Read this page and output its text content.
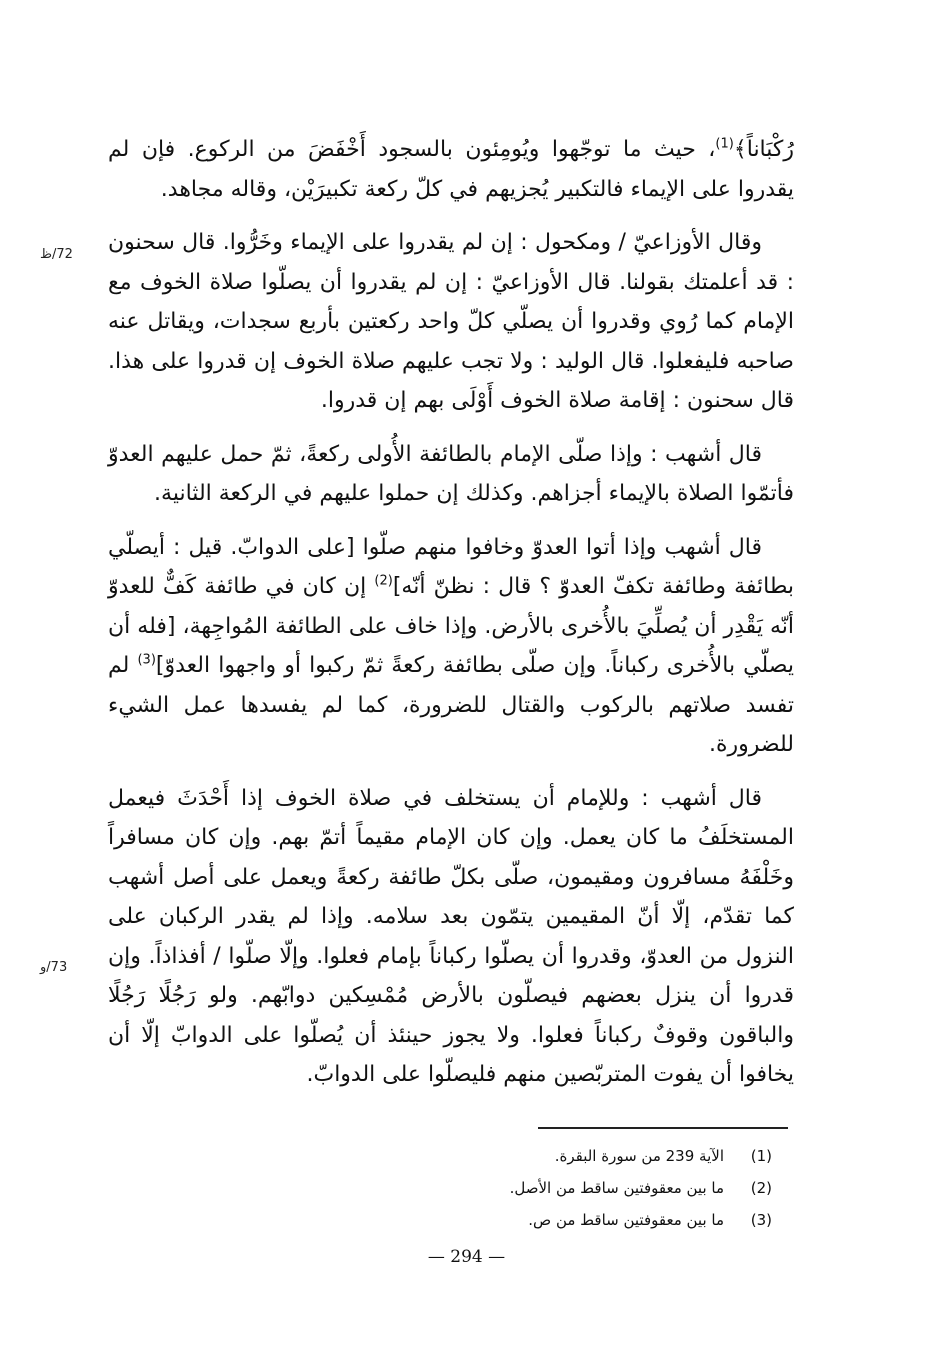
رُكْبَاناً﴾$^{(1)}$، حيث ما توجّهوا ويُومِئون بالسجود أَخْفَضَ من الركوع. فإن لم يقدروا على الإيماء فالتكبير يُجزيهم في كلّ ركعة تكبيرَيْن، وقاله مجاهد.

وقال الأوزاعيّ / ومكحول : إن لم يقدروا على الإيماء وخَرُّوا. قال سحنون : قد أعلمتك بقولنا. قال الأوزاعيّ : إن لم يقدروا أن يصلّوا صلاة الخوف مع الإمام كما رُوي وقدروا أن يصلّي كلّ واحد ركعتين بأربع سجدات، ويقاتل عنه صاحبه فليفعلوا. قال الوليد : ولا تجب عليهم صلاة الخوف إن قدروا على هذا. قال سحنون : إقامة صلاة الخوف أَوْلَى بهم إن قدروا.

قال أشهب : وإذا صلّى الإمام بالطائفة الأُولى ركعةً، ثمّ حمل عليهم العدوّ فأتمّوا الصلاة بالإيماء أجزاهم. وكذلك إن حملوا عليهم في الركعة الثانية.

قال أشهب وإذا أتوا العدوّ وخافوا منهم صلّوا [على الدوابّ. قيل : أيصلّي بطائفة وطائفة تكفّ العدوّ ؟ قال : نظنّ أنّه]$^{(2)}$ إن كان في طائفة كَفٌّ للعدوّ أنّه يَقْدِر أن يُصلِّيَ بالأُخرى بالأرض. وإذا خاف على الطائفة المُواجِهة، [فله أن يصلّي بالأُخرى ركباناً. وإن صلّى بطائفة ركعةً ثمّ ركبوا أو واجهوا العدوّ]$^{(3)}$ لم تفسد صلاتهم بالركوب والقتال للضرورة، كما لم يفسدها عمل الشيء للضرورة.

قال أشهب : وللإمام أن يستخلف في صلاة الخوف إذا أَحْدَثَ فيعمل المستخلَفُ ما كان يعمل. وإن كان الإمام مقيماً أتمّ بهم. وإن كان مسافراً وخَلْفَهُ مسافرون ومقيمون، صلّى بكلّ طائفة ركعةً ويعمل على أصل أشهب كما تقدّم، إلّا أنّ المقيمين يتمّون بعد سلامه. وإذا لم يقدر الركبان على النزول من العدوّ، وقدروا أن يصلّوا ركباناً بإمام فعلوا. وإلّا صلّوا / أفذاذاً. وإن قدروا أن ينزل بعضهم فيصلّون بالأرض مُمْسِكين دوابّهم. ولو رَجُلًا رَجُلًا والباقون وقوفٌ ركباناً فعلوا. ولا يجوز حينئذ أن يُصلّوا على الدوابّ إلّا أن يخافوا أن يفوت المتربّصين منهم فليصلّوا على الدوابّ.

72/ظ
73/و
(1)
الآية 239 من سورة البقرة.
(2)
ما بين معقوفتين ساقط من الأصل.
(3)
ما بين معقوفتين ساقط من ص.
— 294 —
